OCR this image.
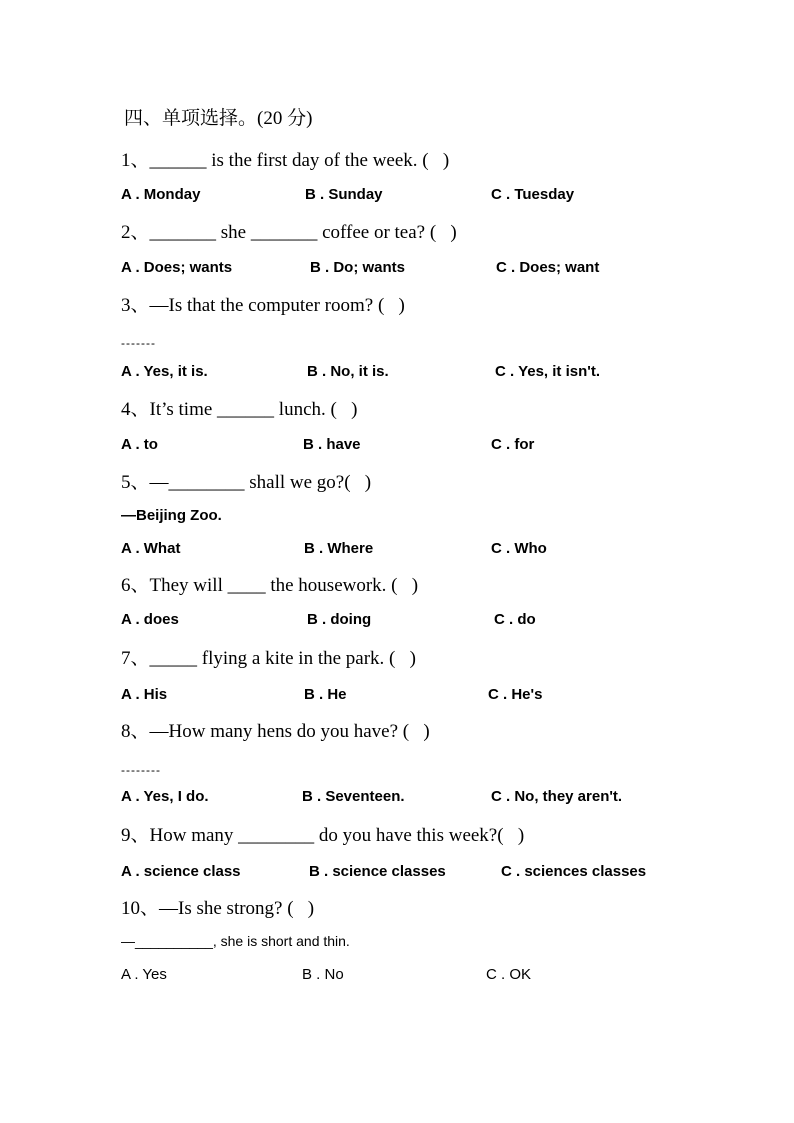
四、单项选择。(20 分)
1、______ is the first day of the week. (   )
A . Monday	B . Sunday	C . Tuesday
2、_______ she _______ coffee or tea? (   )
A . Does; wants	B . Do; wants	C . Does; want
3、—Is that the computer room? (   )
-------
A . Yes, it is.	B . No, it is.	C . Yes, it isn't.
4、It’s time ______ lunch. (   )
A . to	B . have	C . for
5、—________ shall we go?(   )
—Beijing Zoo.
A . What	B . Where	C . Who
6、They will ____ the housework. (   )
A . does	B . doing	C . do
7、_____ flying a kite in the park. (   )
A . His	B . He	C . He's
8、—How many hens do you have? (   )
--------
A . Yes, I do.	B . Seventeen.	C . No, they aren't.
9、How many ________ do you have this week?(   )
A . science class	B . science classes	C . sciences classes
10、—Is she strong? (   )
—__________, she is short and thin.
A . Yes	B . No	C . OK
